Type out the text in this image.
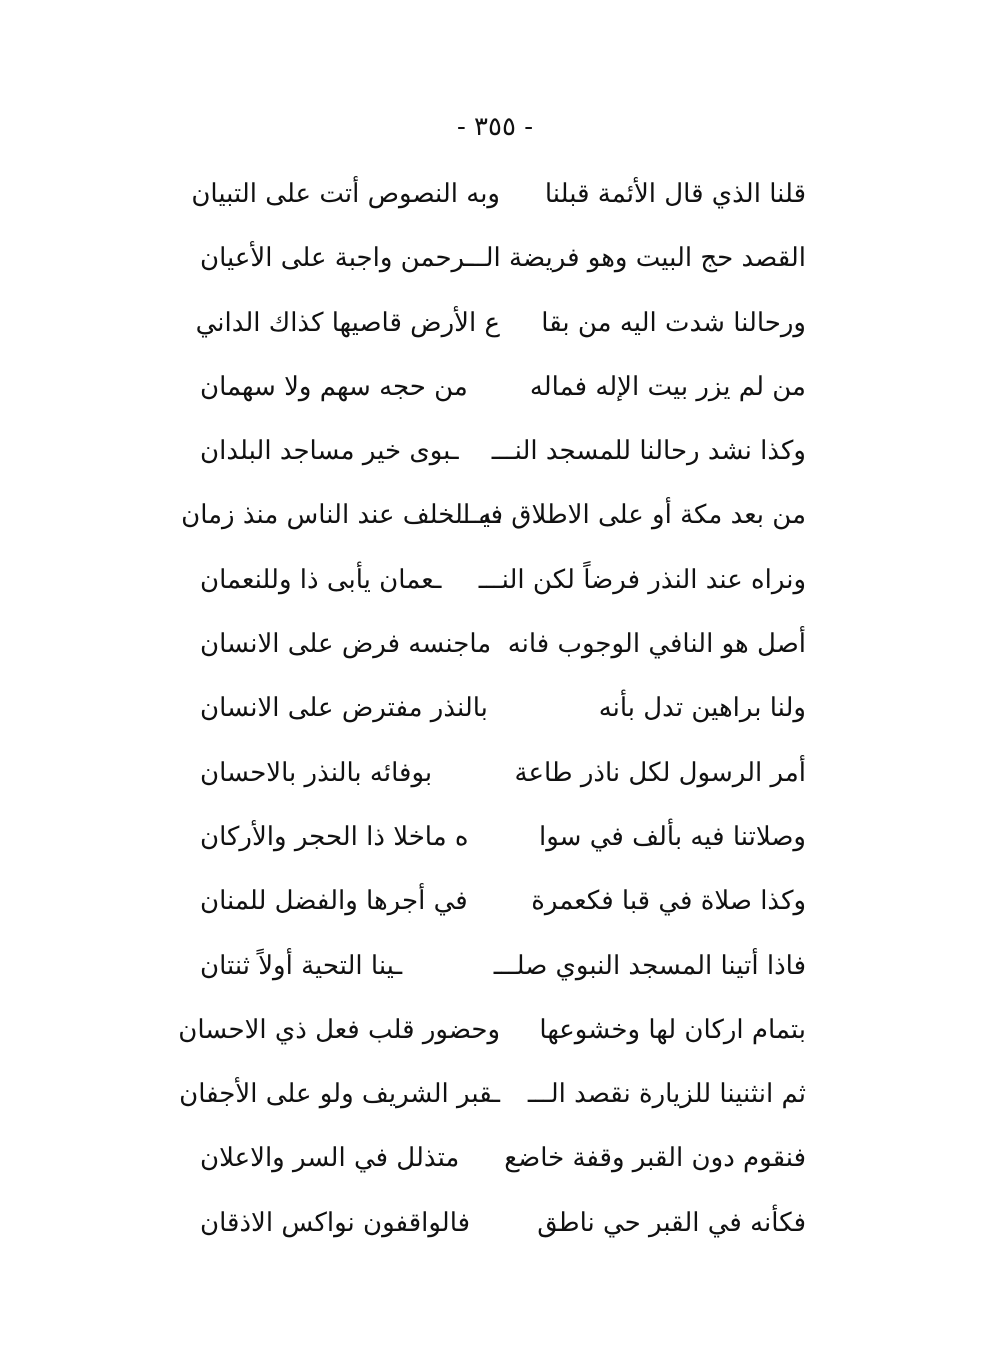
- ٣٥٥ -
قلنا الذي قال الأئمة قبلنا
وبه النصوص أتت على التبيان
القصد حج البيت وهو فريضة الـــ
ـرحمن واجبة على الأعيان
ورحالنا شدت اليه من بقا
ع الأرض قاصيها كذاك الداني
من لم يزر بيت الإله فماله
من حجه سهم ولا سهمان
وكذا نشد رحالنا للمسجد النـــ
ـبوى خير مساجد البلدان
من بعد مكة أو على الاطلاق فيـــ
ـه الخلف عند الناس منذ زمان
ونراه عند النذر فرضاً لكن النـــ
ـعمان يأبى ذا وللنعمان
أصل هو النافي الوجوب فانه
ماجنسه فرض على الانسان
ولنا براهين تدل بأنه
بالنذر مفترض على الانسان
أمر الرسول لكل ناذر طاعة
بوفائه بالنذر بالاحسان
وصلاتنا فيه بألف في سوا
ه ماخلا ذا الحجر والأركان
وكذا صلاة في قبا فكعمرة
في أجرها والفضل للمنان
فاذا أتينا المسجد النبوي صلـــ
ـينا التحية أولاً ثنتان
بتمام اركان لها وخشوعها
وحضور قلب فعل ذي الاحسان
ثم انثنينا للزيارة نقصد الـــ
ـقبر الشريف ولو على الأجفان
فنقوم دون القبر وقفة خاضع
متذلل في السر والاعلان
فكأنه في القبر حي ناطق
فالواقفون نواكس الاذقان
